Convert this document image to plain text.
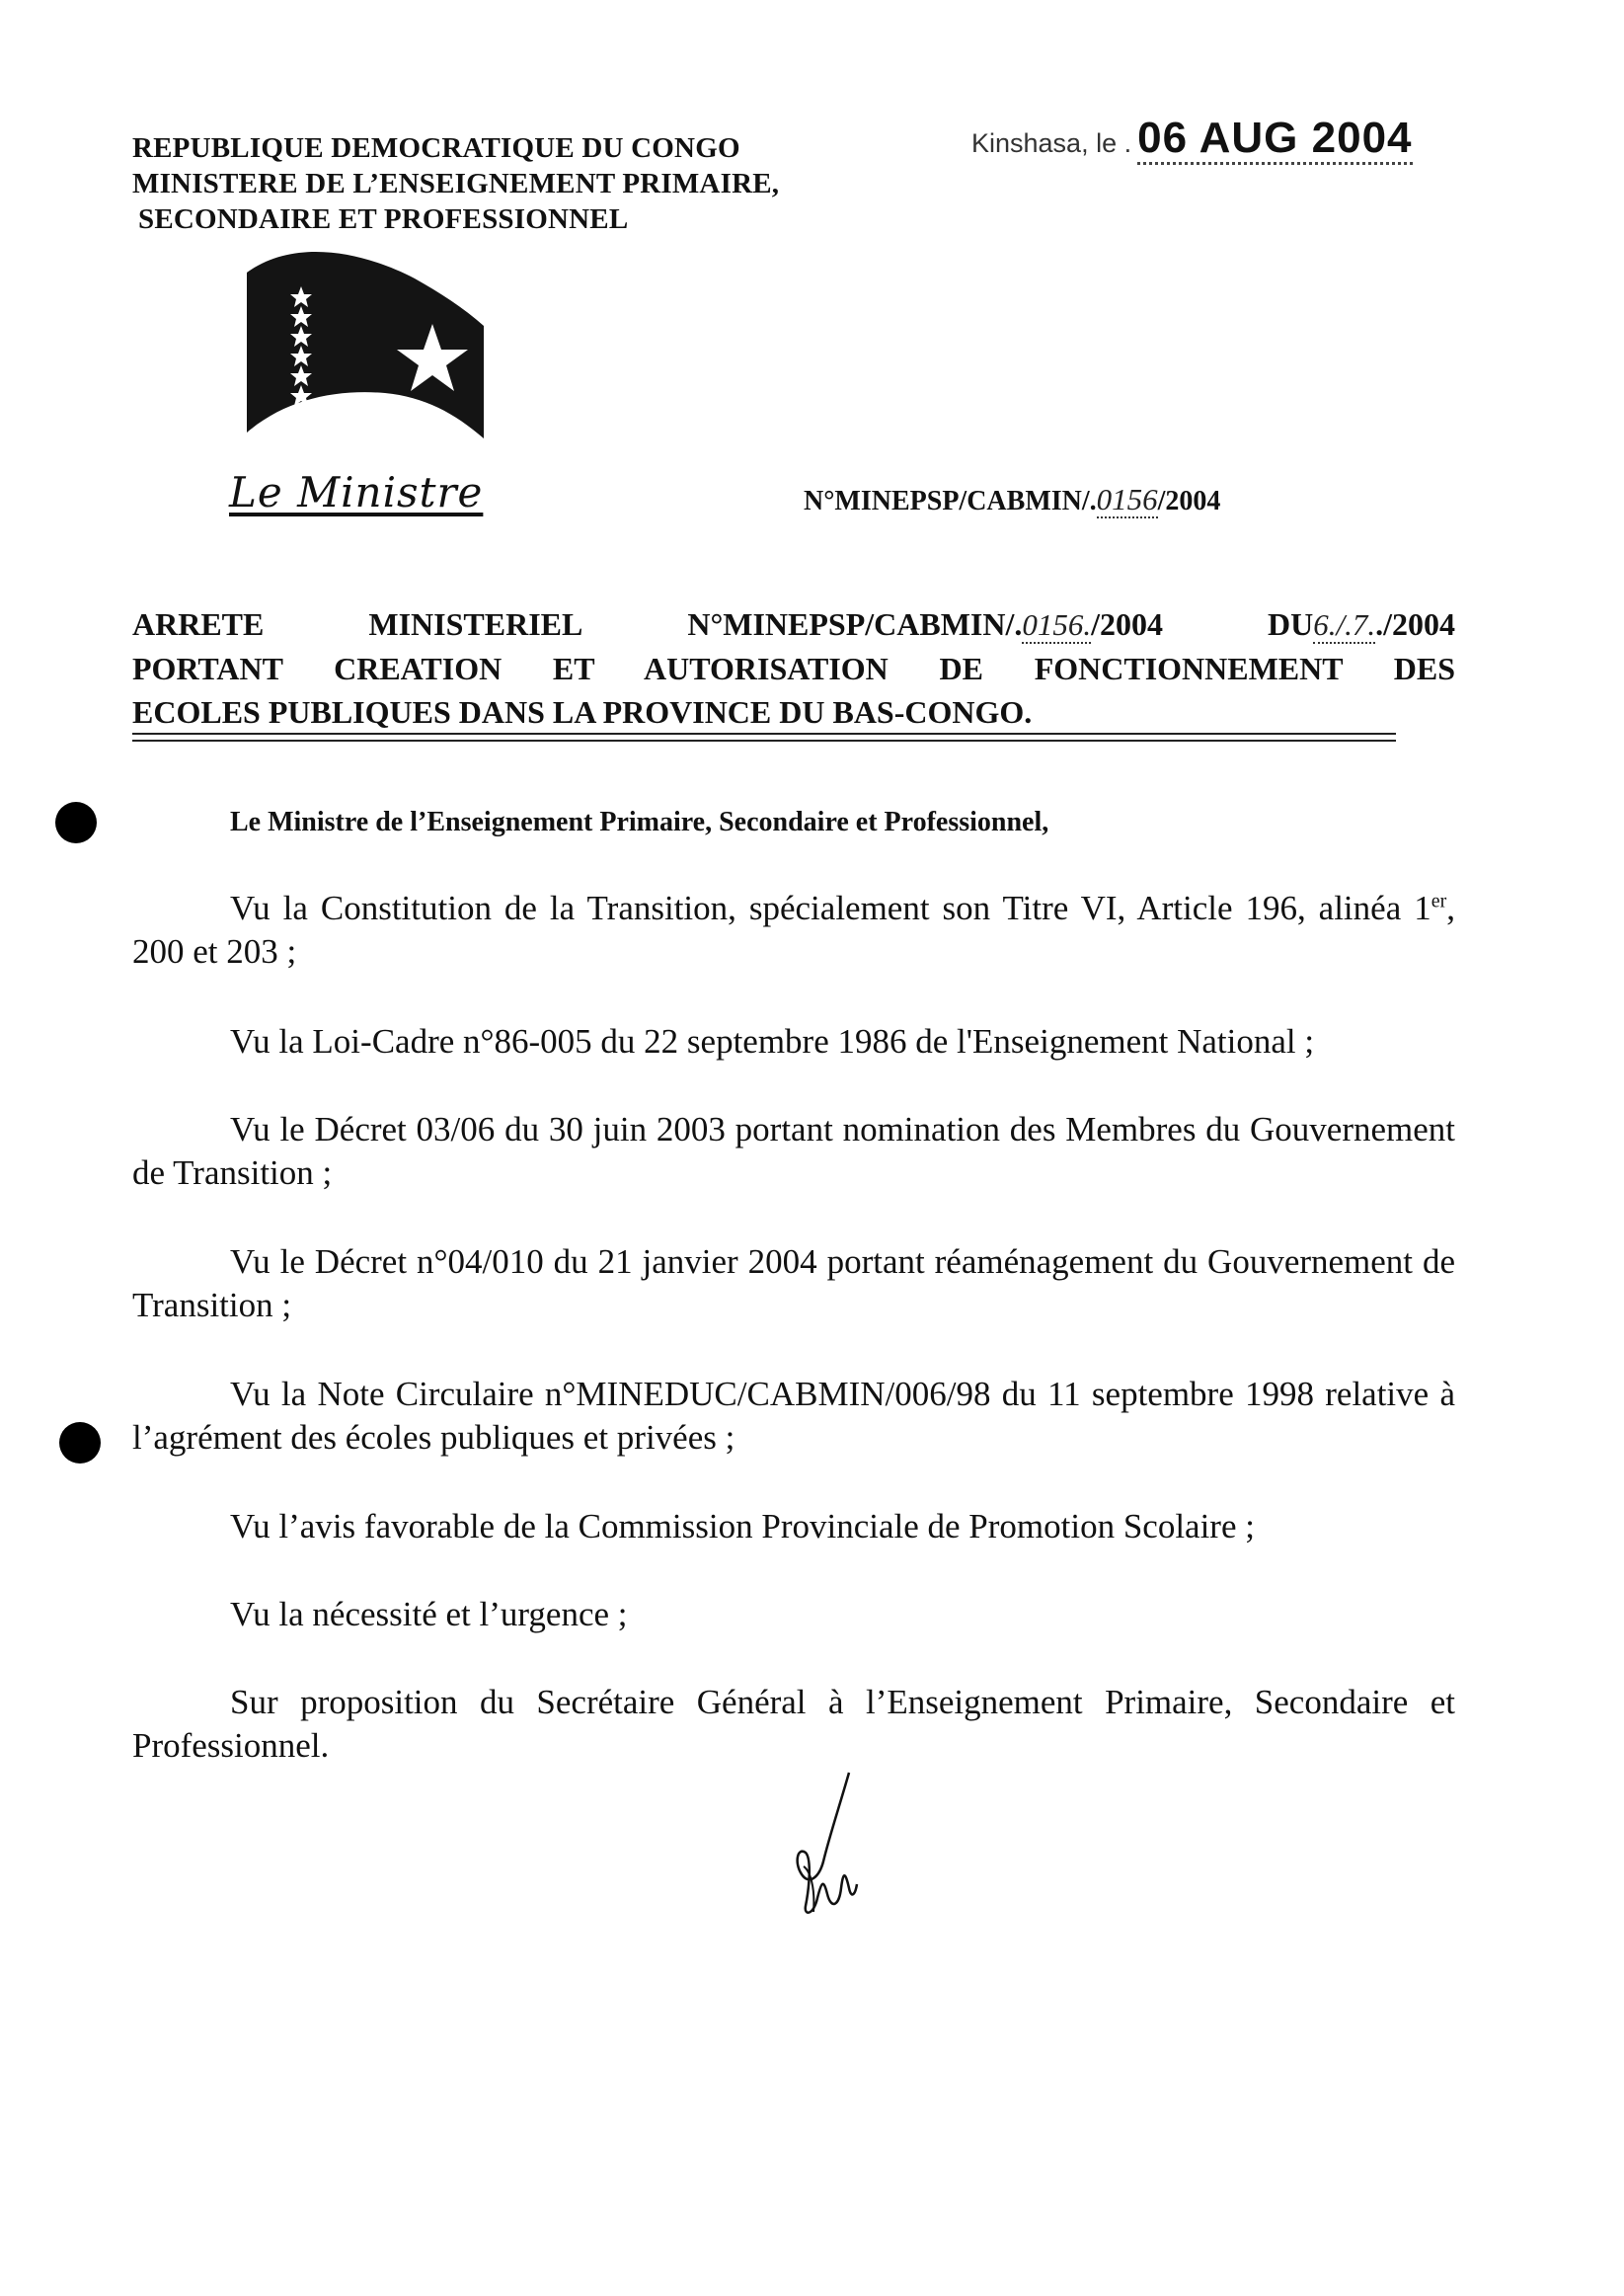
REPUBLIQUE DEMOCRATIQUE DU CONGO
MINISTERE DE L’ENSEIGNEMENT PRIMAIRE,
SECONDAIRE ET PROFESSIONNEL
Kinshasa, le . 06 AUG 2004
Le Ministre	N°MINEPSP/CABMIN/.0156/2004
ARRETE	MINISTERIEL	N°MINEPSP/CABMIN/.0156./2004	DU6./.7../2004
PORTANT CREATION ET AUTORISATION DE FONCTIONNEMENT DES
ECOLES PUBLIQUES DANS LA PROVINCE DU BAS-CONGO.
Le Ministre de l’Enseignement Primaire, Secondaire et Professionnel,

Vu la Constitution de la Transition, spécialement son Titre VI, Article 196, alinéa 1er, 200 et 203 ;

Vu la Loi-Cadre n°86-005 du 22 septembre 1986 de l'Enseignement National ;

Vu le Décret 03/06 du 30 juin 2003 portant nomination des Membres du Gouvernement de Transition ;

Vu le Décret n°04/010 du 21 janvier 2004 portant réaménagement du Gouvernement de Transition ;

Vu la Note Circulaire n°MINEDUC/CABMIN/006/98 du 11 septembre 1998 relative à l’agrément des écoles publiques et privées ;

Vu l’avis favorable de la Commission Provinciale de Promotion Scolaire ;

Vu la nécessité et l’urgence ;

Sur proposition du Secrétaire Général à l’Enseignement Primaire, Secondaire et Professionnel.
